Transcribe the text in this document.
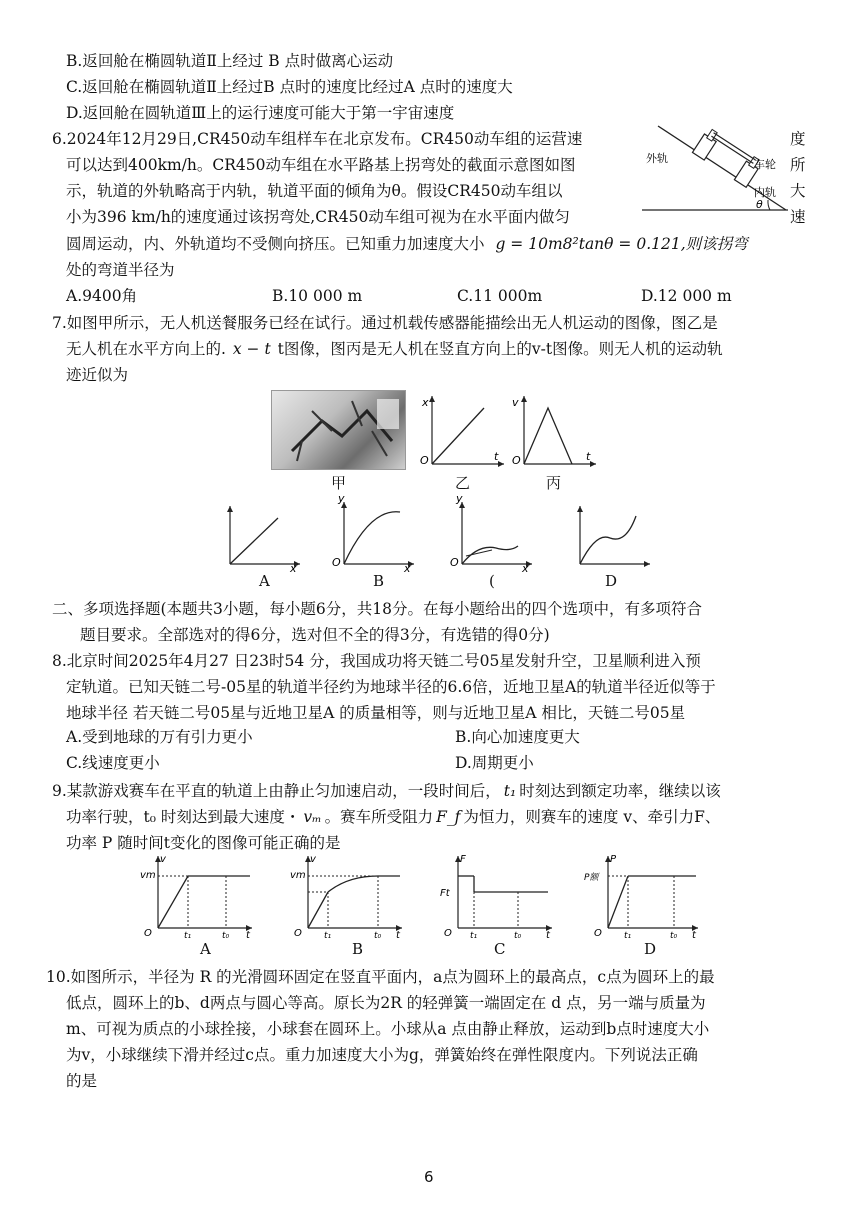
B.返回舱在椭圆轨道Ⅱ上经过 B 点时做离心运动
C.返回舱在椭圆轨道Ⅱ上经过B 点时的速度比经过A 点时的速度大
D.返回舱在圆轨道Ⅲ上的运行速度可能大于第一宇宙速度
6.2024年12月29日,CR450动车组样车在北京发布。CR450动车组的运营速
可以达到400km/h。CR450动车组在水平路基上拐弯处的截面示意图如图
示，轨道的外轨略高于内轨，轨道平面的倾角为θ。假设CR450动车组以
小为396 km/h的速度通过该拐弯处,CR450动车组可视为在水平面内做匀
圆周运动，内、外轨道均不受侧向挤压。已知重力加速度大小 g = 10m8²tanθ = 0.121,则该拐弯
处的弯道半径为
度
所
大
速
θ
外轨	车轮
内轨
A.9400角	B.10 000 m	C.11 000m	D.12 000 m
7.如图甲所示，无人机送餐服务已经在试行。通过机载传感器能描绘出无人机运动的图像，图乙是
无人机在水平方向上的. x − t t图像，图丙是无人机在竖直方向上的v-t图像。则无人机的运动轨
迹近似为
甲
O	t
x
乙
O	t
v
丙
x
A
O	x
y
B
O	x
y
(	D
二、多项选择题(本题共3小题，每小题6分，共18分。在每小题给出的四个选项中，有多项符合
题目要求。全部选对的得6分，选对但不全的得3分，有选错的得0分)
8.北京时间2025年4月27 日23时54 分，我国成功将天链二号05星发射升空，卫星顺利进入预
定轨道。已知天链二号-05星的轨道半径约为地球半径的6.6倍，近地卫星A的轨道半径近似等于
地球半径 若天链二号05星与近地卫星A 的质量相等，则与近地卫星A 相比，天链二号05星
A.受到地球的万有引力更小	B.向心加速度更大
C.线速度更小	D.周期更小
9.某款游戏赛车在平直的轨道上由静止匀加速启动，一段时间后， t₁ 时刻达到额定功率，继续以该
功率行驶，t₀ 时刻达到最大速度・ vₘ 。赛车所受阻力 F_f 为恒力，则赛车的速度 v、牵引力F、
功率 P 随时间t变化的图像可能正确的是
vm
v
O	t₁	t₀ t
A
vm
v
O t₁	t₀ t
B
F
Ft
O t₁	t₀ t
C
P
P额
O t₁	t₀ t
D
10.如图所示，半径为 R 的光滑圆环固定在竖直平面内，a点为圆环上的最高点，c点为圆环上的最
低点，圆环上的b、d两点与圆心等高。原长为2R 的轻弹簧一端固定在 d 点，另一端与质量为
m、可视为质点的小球拴接，小球套在圆环上。小球从a 点由静止释放，运动到b点时速度大小
为v，小球继续下滑并经过c点。重力加速度大小为g，弹簧始终在弹性限度内。下列说法正确
的是
6
